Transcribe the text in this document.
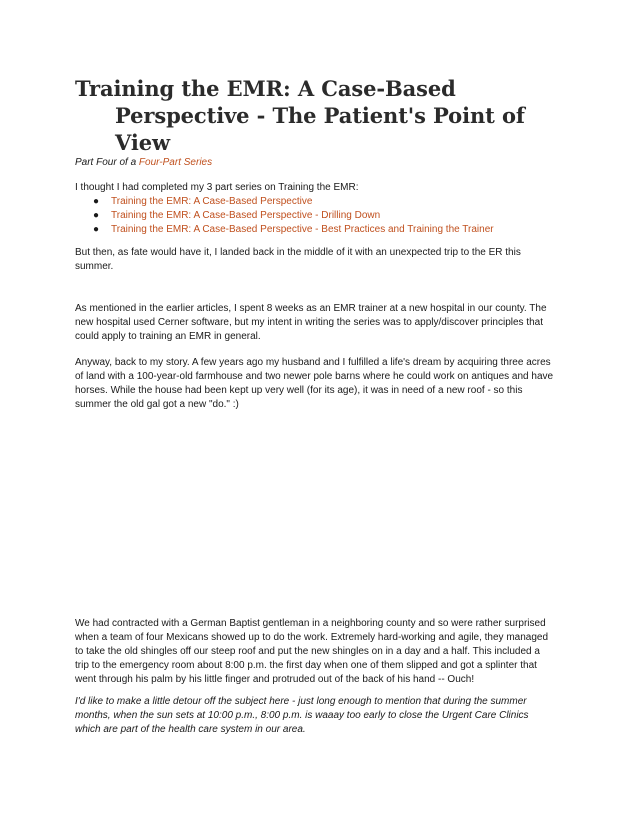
Training the EMR: A Case-Based Perspective - The Patient's Point of View
Part Four of a Four-Part Series

I thought I had completed my 3 part series on Training the EMR:

● Training the EMR: A Case-Based Perspective
● Training the EMR: A Case-Based Perspective - Drilling Down
● Training the EMR: A Case-Based Perspective - Best Practices and Training the Trainer

But then, as fate would have it, I landed back in the middle of it with an unexpected trip to the ER this summer.

As mentioned in the earlier articles, I spent 8 weeks as an EMR trainer at a new hospital in our county. The new hospital used Cerner software, but my intent in writing the series was to apply/discover principles that could apply to training an EMR in general.

Anyway, back to my story. A few years ago my husband and I fulfilled a life's dream by acquiring three acres of land with a 100-year-old farmhouse and two newer pole barns where he could work on antiques and have horses. While the house had been kept up very well (for its age), it was in need of a new roof - so this summer the old gal got a new "do." :)

We had contracted with a German Baptist gentleman in a neighboring county and so were rather surprised when a team of four Mexicans showed up to do the work. Extremely hard-working and agile, they managed to take the old shingles off our steep roof and put the new shingles on in a day and a half. This included a trip to the emergency room about 8:00 p.m. the first day when one of them slipped and got a splinter that went through his palm by his little finger and protruded out of the back of his hand -- Ouch!

I'd like to make a little detour off the subject here - just long enough to mention that during the summer months, when the sun sets at 10:00 p.m., 8:00 p.m. is waaay too early to close the Urgent Care Clinics which are part of the health care system in our area.
